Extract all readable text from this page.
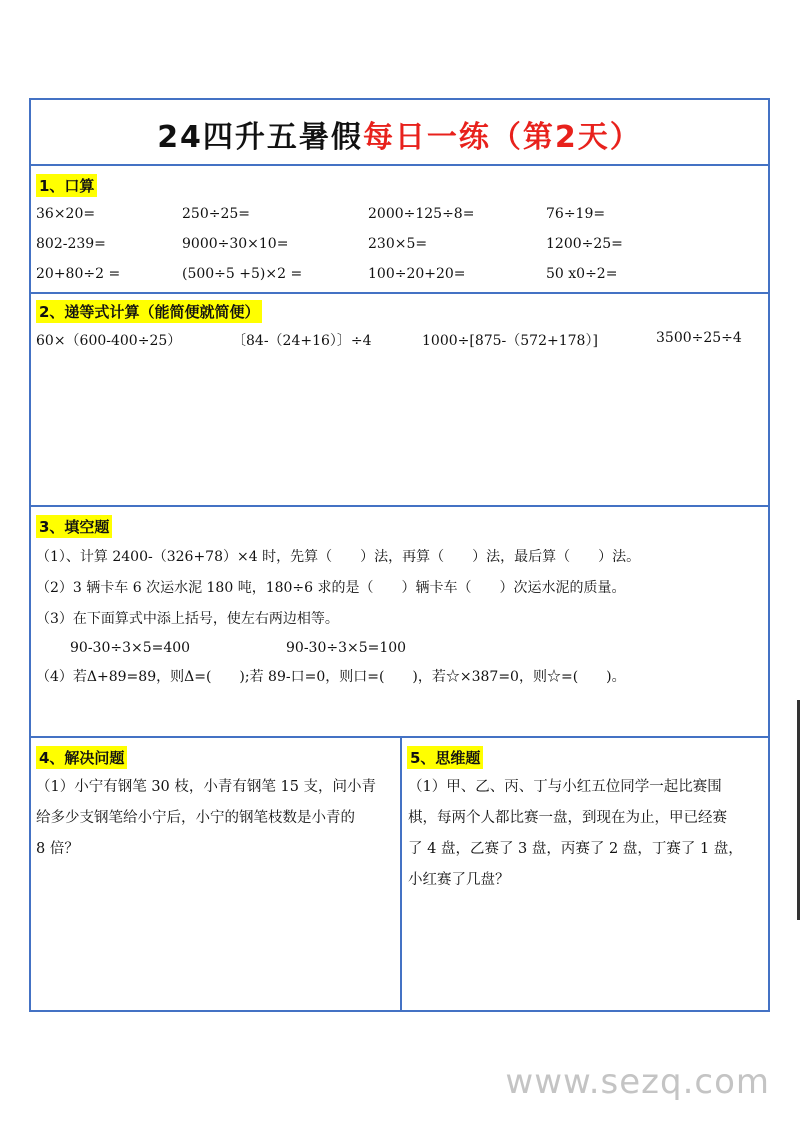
24四升五暑假每日一练（第2天）
1、口算
36×20=	250÷25=	2000÷125÷8=	76÷19=
802-239=	9000÷30×10=	230×5=	1200÷25=
20+80÷2 =	(500÷5 +5)×2 =	100÷20+20=	50 x0÷2=
2、递等式计算（能简便就简便）
60×（600-400÷25）	〔84-（24+16）〕÷4	1000÷[875-（572+178）]	3500÷25÷4
3、填空题
（1）、计算 2400-（326+78）×4 时，先算（　　）法，再算（　　）法，最后算（　　）法。
（2）3 辆卡车 6 次运水泥 180 吨，180÷6 求的是（　　）辆卡车（　　）次运水泥的质量。
（3）在下面算式中添上括号，使左右两边相等。
90-30÷3×5=400	90-30÷3×5=100
（4）若Δ+89=89，则Δ=(　　);若 89-口=0，则口=(　　)，若☆×387=0，则☆=(　　)。
4、解决问题
（1）小宁有钢笔 30 枝，小青有钢笔 15 支，问小青
给多少支钢笔给小宁后，小宁的钢笔枝数是小青的
8 倍？
5、思维题
（1）甲、乙、丙、丁与小红五位同学一起比赛围
棋，每两个人都比赛一盘，到现在为止，甲已经赛
了 4 盘，乙赛了 3 盘，丙赛了 2 盘，丁赛了 1 盘，
小红赛了几盘？
www.sezq.com
